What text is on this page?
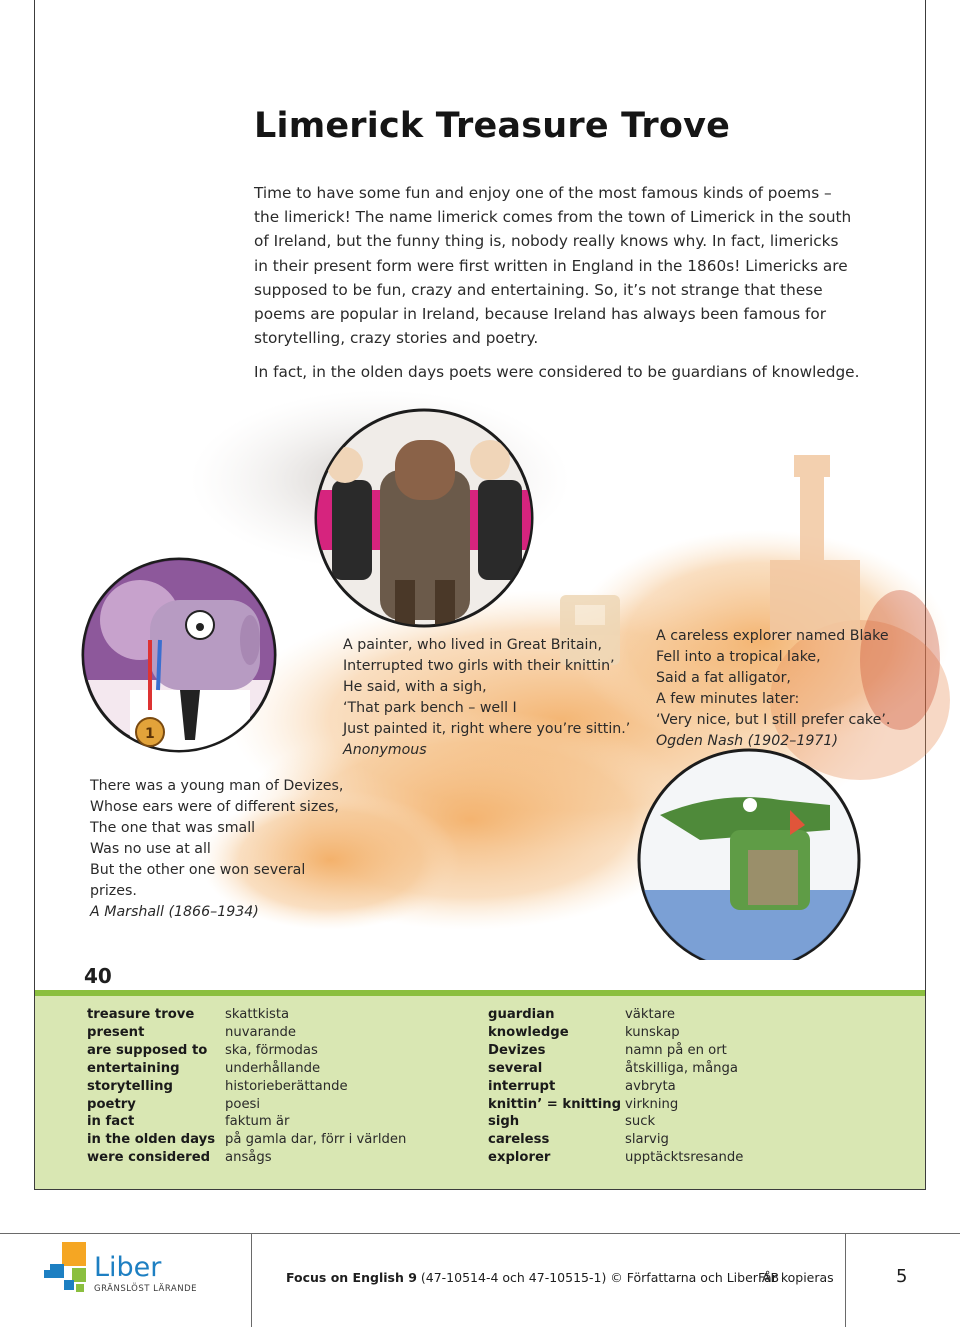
Limerick Treasure Trove

Time to have some fun and enjoy one of the most famous kinds of poems – the limerick! The name limerick comes from the town of Limerick in the south of Ireland, but the funny thing is, nobody really knows why. In fact, limericks in their present form were first written in England in the 1860s! Limericks are supposed to be fun, crazy and entertaining. So, it’s not strange that these poems are popular in Ireland, because Ireland has always been famous for storytelling, crazy stories and poetry.

In fact, in the olden days poets were considered to be guardians of knowledge.

1
A painter, who lived in Great Britain,
Interrupted two girls with their knittin’
He said, with a sigh,
‘That park bench – well I
Just painted it, right where you’re sittin.’
Anonymous
A careless explorer named Blake
Fell into a tropical lake,
Said a fat alligator,
A few minutes later:
‘Very nice, but I still prefer cake’.
Ogden Nash (1902–1971)
There was a young man of Devizes,
Whose ears were of different sizes,
The one that was small
Was no use at all
But the other one won several
prizes.
A Marshall (1866–1934)
40
treasure trove
present
are supposed to
entertaining
storytelling
poetry
in fact
in the olden days
were considered
skattkista
nuvarande
ska, förmodas
underhållande
historieberättande
poesi
faktum är
på gamla dar, förr i världen
ansågs
guardian
knowledge
Devizes
several
interrupt
knittin’ = knitting
sigh
careless
explorer
väktare
kunskap
namn på en ort
åtskilliga, många
avbryta
virkning
suck
slarvig
upptäcktsresande
Liber
GRÄNSLÖST LÄRANDE
Focus on English 9 (47-10514-4 och 47-10515-1) © Författarna och Liber AB
Får kopieras	5
